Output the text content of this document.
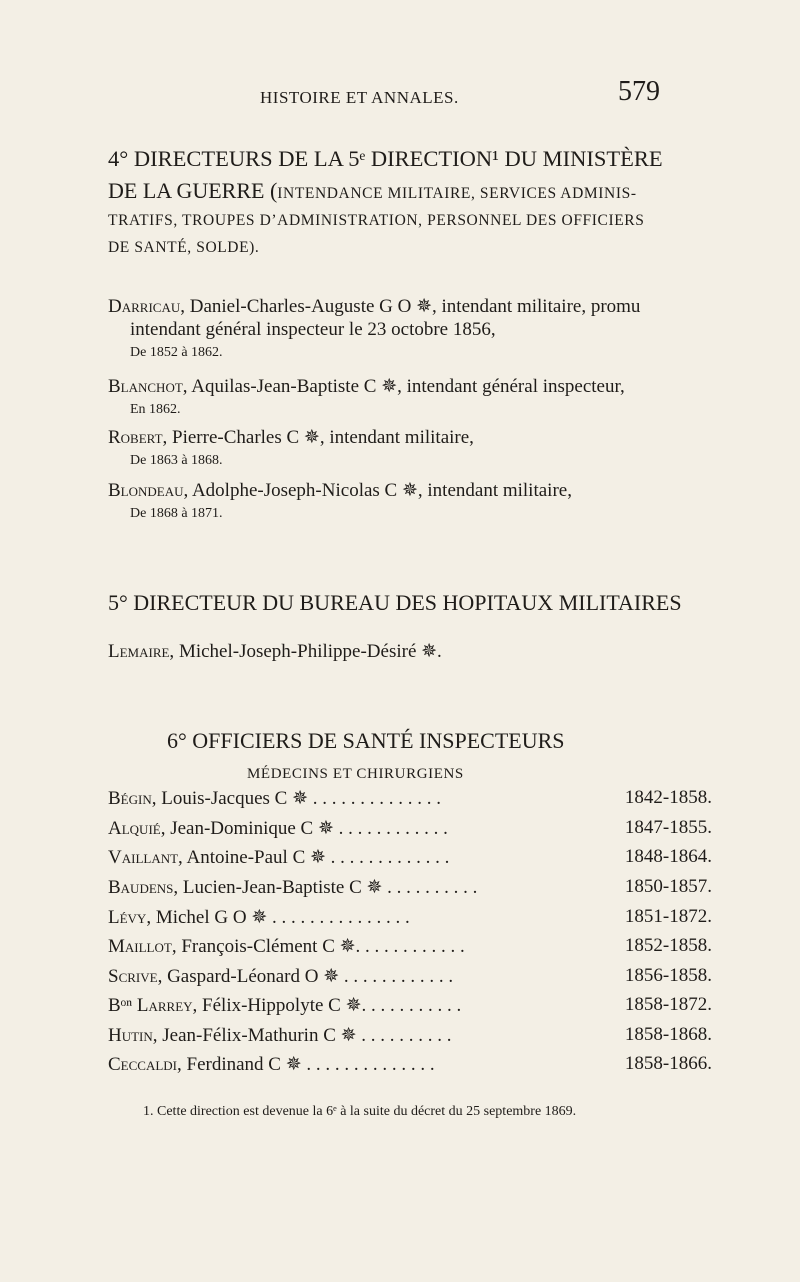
HISTOIRE ET ANNALES.	579
4° DIRECTEURS DE LA 5ᵉ DIRECTION¹ DU MINISTÈRE
DE LA GUERRE (INTENDANCE MILITAIRE, SERVICES ADMINIS-
TRATIFS, TROUPES D’ADMINISTRATION, PERSONNEL DES OFFICIERS
DE SANTÉ, SOLDE).
Darricau, Daniel-Charles-Auguste G O ✵, intendant militaire, promu
intendant général inspecteur le 23 octobre 1856,
De 1852 à 1862.
Blanchot, Aquilas-Jean-Baptiste C ✵, intendant général inspecteur,
En 1862.
Robert, Pierre-Charles C ✵, intendant militaire,
De 1863 à 1868.
Blondeau, Adolphe-Joseph-Nicolas C ✵, intendant militaire,
De 1868 à 1871.
5° DIRECTEUR DU BUREAU DES HOPITAUX MILITAIRES
Lemaire, Michel-Joseph-Philippe-Désiré ✵.
6° OFFICIERS DE SANTÉ INSPECTEURS
MÉDECINS ET CHIRURGIENS
Bégin, Louis-Jacques C ✵ . . . . . . . . . . . . . .	1842-1858.
Alquié, Jean-Dominique C ✵ . . . . . . . . . . . .	1847-1855.
Vaillant, Antoine-Paul C ✵ . . . . . . . . . . . . .	1848-1864.
Baudens, Lucien-Jean-Baptiste C ✵ . . . . . . . . . .	1850-1857.
Lévy, Michel G O ✵ . . . . . . . . . . . . . . .	1851-1872.
Maillot, François-Clément C ✵. . . . . . . . . . . .	1852-1858.
Scrive, Gaspard-Léonard O ✵ . . . . . . . . . . . .	1856-1858.
Bᵒⁿ Larrey, Félix-Hippolyte C ✵. . . . . . . . . . .	1858-1872.
Hutin, Jean-Félix-Mathurin C ✵ . . . . . . . . . .	1858-1868.
Ceccaldi, Ferdinand C ✵ . . . . . . . . . . . . . .	1858-1866.
1. Cette direction est devenue la 6ᵉ à la suite du décret du 25 septembre 1869.
